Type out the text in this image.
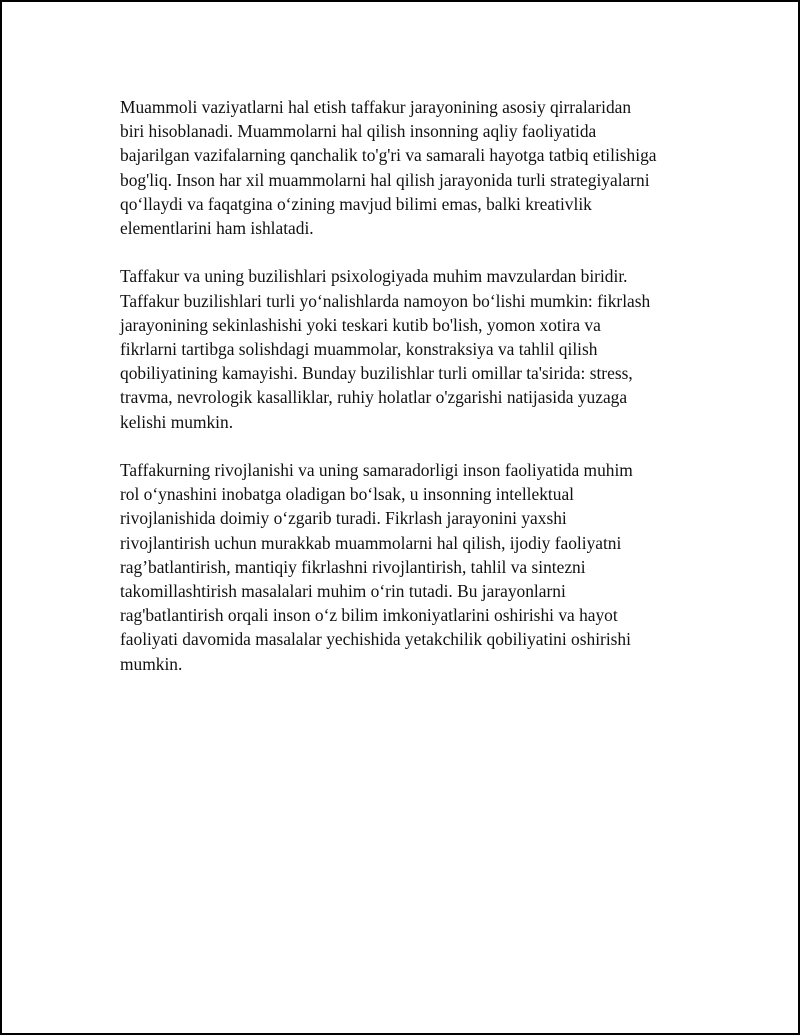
Muammoli vaziyatlarni hal etish taffakur jarayonining asosiy qirralaridan
biri hisoblanadi. Muammolarni hal qilish insonning aqliy faoliyatida
bajarilgan vazifalarning qanchalik to'g'ri va samarali hayotga tatbiq etilishiga
bog'liq. Inson har xil muammolarni hal qilish jarayonida turli strategiyalarni
qo‘llaydi va faqatgina o‘zining mavjud bilimi emas, balki kreativlik
elementlarini ham ishlatadi.

Taffakur va uning buzilishlari psixologiyada muhim mavzulardan biridir.
Taffakur buzilishlari turli yo‘nalishlarda namoyon bo‘lishi mumkin: fikrlash
jarayonining sekinlashishi yoki teskari kutib bo'lish, yomon xotira va
fikrlarni tartibga solishdagi muammolar, konstraksiya va tahlil qilish
qobiliyatining kamayishi. Bunday buzilishlar turli omillar ta'sirida: stress,
travma, nevrologik kasalliklar, ruhiy holatlar o'zgarishi natijasida yuzaga
kelishi mumkin.

Taffakurning rivojlanishi va uning samaradorligi inson faoliyatida muhim
rol o‘ynashini inobatga oladigan bo‘lsak, u insonning intellektual
rivojlanishida doimiy o‘zgarib turadi. Fikrlash jarayonini yaxshi
rivojlantirish uchun murakkab muammolarni hal qilish, ijodiy faoliyatni
rag’batlantirish, mantiqiy fikrlashni rivojlantirish, tahlil va sintezni
takomillashtirish masalalari muhim o‘rin tutadi. Bu jarayonlarni
rag'batlantirish orqali inson o‘z bilim imkoniyatlarini oshirishi va hayot
faoliyati davomida masalalar yechishida yetakchilik qobiliyatini oshirishi
mumkin.
